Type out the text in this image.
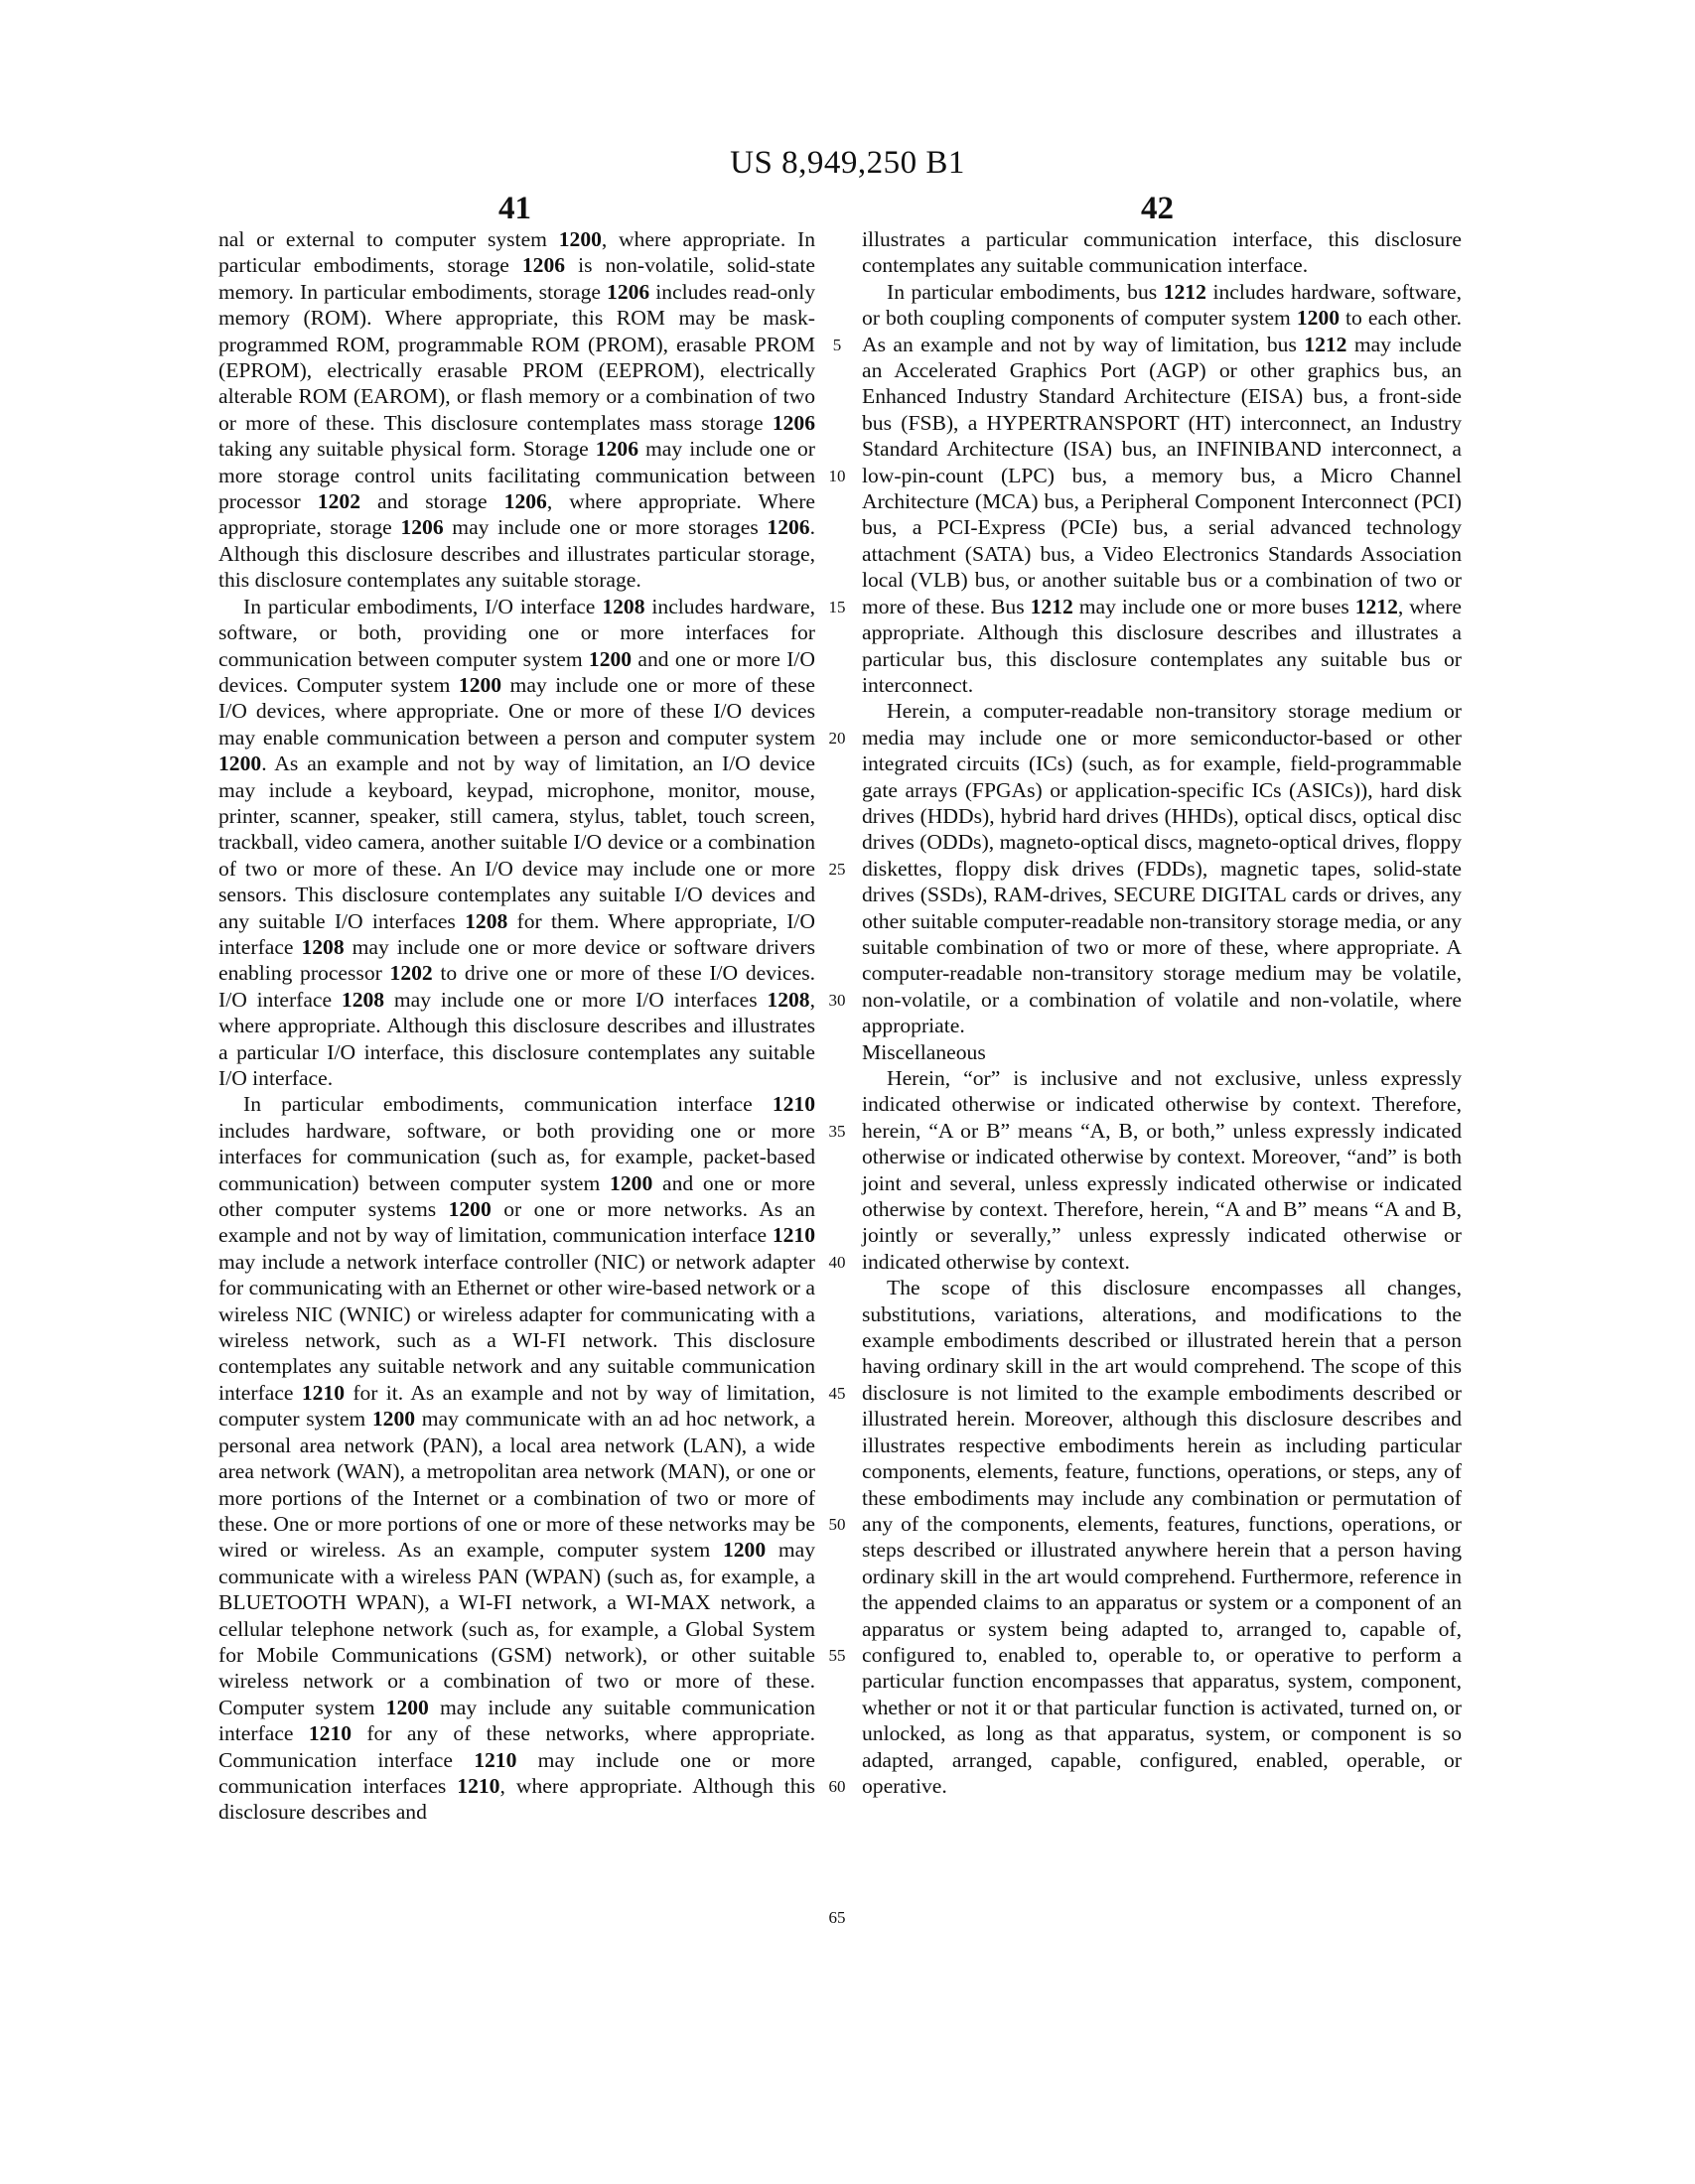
US 8,949,250 B1
41	42

nal or external to computer system 1200, where appropriate. In particular embodiments, storage 1206 is non-volatile, solid-state memory. In particular embodiments, storage 1206 includes read-only memory (ROM). Where appropriate, this ROM may be mask-programmed ROM, programmable ROM (PROM), erasable PROM (EPROM), electrically erasable PROM (EEPROM), electrically alterable ROM (EAROM), or flash memory or a combination of two or more of these. This disclosure contemplates mass storage 1206 taking any suitable physical form. Storage 1206 may include one or more storage control units facilitating communication between processor 1202 and storage 1206, where appropriate. Where appropriate, storage 1206 may include one or more storages 1206. Although this disclosure describes and illustrates particular storage, this disclosure contemplates any suitable storage.

In particular embodiments, I/O interface 1208 includes hardware, software, or both, providing one or more interfaces for communication between computer system 1200 and one or more I/O devices. Computer system 1200 may include one or more of these I/O devices, where appropriate. One or more of these I/O devices may enable communication between a person and computer system 1200. As an example and not by way of limitation, an I/O device may include a keyboard, keypad, microphone, monitor, mouse, printer, scanner, speaker, still camera, stylus, tablet, touch screen, trackball, video camera, another suitable I/O device or a combination of two or more of these. An I/O device may include one or more sensors. This disclosure contemplates any suitable I/O devices and any suitable I/O interfaces 1208 for them. Where appropriate, I/O interface 1208 may include one or more device or software drivers enabling processor 1202 to drive one or more of these I/O devices. I/O interface 1208 may include one or more I/O interfaces 1208, where appropriate. Although this disclosure describes and illustrates a particular I/O interface, this disclosure contemplates any suitable I/O interface.

In particular embodiments, communication interface 1210 includes hardware, software, or both providing one or more interfaces for communication (such as, for example, packet-based communication) between computer system 1200 and one or more other computer systems 1200 or one or more networks. As an example and not by way of limitation, communication interface 1210 may include a network interface controller (NIC) or network adapter for communicating with an Ethernet or other wire-based network or a wireless NIC (WNIC) or wireless adapter for communicating with a wireless network, such as a WI-FI network. This disclosure contemplates any suitable network and any suitable communication interface 1210 for it. As an example and not by way of limitation, computer system 1200 may communicate with an ad hoc network, a personal area network (PAN), a local area network (LAN), a wide area network (WAN), a metropolitan area network (MAN), or one or more portions of the Internet or a combination of two or more of these. One or more portions of one or more of these networks may be wired or wireless. As an example, computer system 1200 may communicate with a wireless PAN (WPAN) (such as, for example, a BLUETOOTH WPAN), a WI-FI network, a WI-MAX network, a cellular telephone network (such as, for example, a Global System for Mobile Communications (GSM) network), or other suitable wireless network or a combination of two or more of these. Computer system 1200 may include any suitable communication interface 1210 for any of these networks, where appropriate. Communication interface 1210 may include one or more communication interfaces 1210, where appropriate. Although this disclosure describes and

illustrates a particular communication interface, this disclosure contemplates any suitable communication interface.

In particular embodiments, bus 1212 includes hardware, software, or both coupling components of computer system 1200 to each other. As an example and not by way of limitation, bus 1212 may include an Accelerated Graphics Port (AGP) or other graphics bus, an Enhanced Industry Standard Architecture (EISA) bus, a front-side bus (FSB), a HYPERTRANSPORT (HT) interconnect, an Industry Standard Architecture (ISA) bus, an INFINIBAND interconnect, a low-pin-count (LPC) bus, a memory bus, a Micro Channel Architecture (MCA) bus, a Peripheral Component Interconnect (PCI) bus, a PCI-Express (PCIe) bus, a serial advanced technology attachment (SATA) bus, a Video Electronics Standards Association local (VLB) bus, or another suitable bus or a combination of two or more of these. Bus 1212 may include one or more buses 1212, where appropriate. Although this disclosure describes and illustrates a particular bus, this disclosure contemplates any suitable bus or interconnect.

Herein, a computer-readable non-transitory storage medium or media may include one or more semiconductor-based or other integrated circuits (ICs) (such, as for example, field-programmable gate arrays (FPGAs) or application-specific ICs (ASICs)), hard disk drives (HDDs), hybrid hard drives (HHDs), optical discs, optical disc drives (ODDs), magneto-optical discs, magneto-optical drives, floppy diskettes, floppy disk drives (FDDs), magnetic tapes, solid-state drives (SSDs), RAM-drives, SECURE DIGITAL cards or drives, any other suitable computer-readable non-transitory storage media, or any suitable combination of two or more of these, where appropriate. A computer-readable non-transitory storage medium may be volatile, non-volatile, or a combination of volatile and non-volatile, where appropriate.

Miscellaneous

Herein, “or” is inclusive and not exclusive, unless expressly indicated otherwise or indicated otherwise by context. Therefore, herein, “A or B” means “A, B, or both,” unless expressly indicated otherwise or indicated otherwise by context. Moreover, “and” is both joint and several, unless expressly indicated otherwise or indicated otherwise by context. Therefore, herein, “A and B” means “A and B, jointly or severally,” unless expressly indicated otherwise or indicated otherwise by context.

The scope of this disclosure encompasses all changes, substitutions, variations, alterations, and modifications to the example embodiments described or illustrated herein that a person having ordinary skill in the art would comprehend. The scope of this disclosure is not limited to the example embodiments described or illustrated herein. Moreover, although this disclosure describes and illustrates respective embodiments herein as including particular components, elements, feature, functions, operations, or steps, any of these embodiments may include any combination or permutation of any of the components, elements, features, functions, operations, or steps described or illustrated anywhere herein that a person having ordinary skill in the art would comprehend. Furthermore, reference in the appended claims to an apparatus or system or a component of an apparatus or system being adapted to, arranged to, capable of, configured to, enabled to, operable to, or operative to perform a particular function encompasses that apparatus, system, component, whether or not it or that particular function is activated, turned on, or unlocked, as long as that apparatus, system, or component is so adapted, arranged, capable, configured, enabled, operable, or operative.

5
10
15
20
25
30
35
40
45
50
55
60
65
